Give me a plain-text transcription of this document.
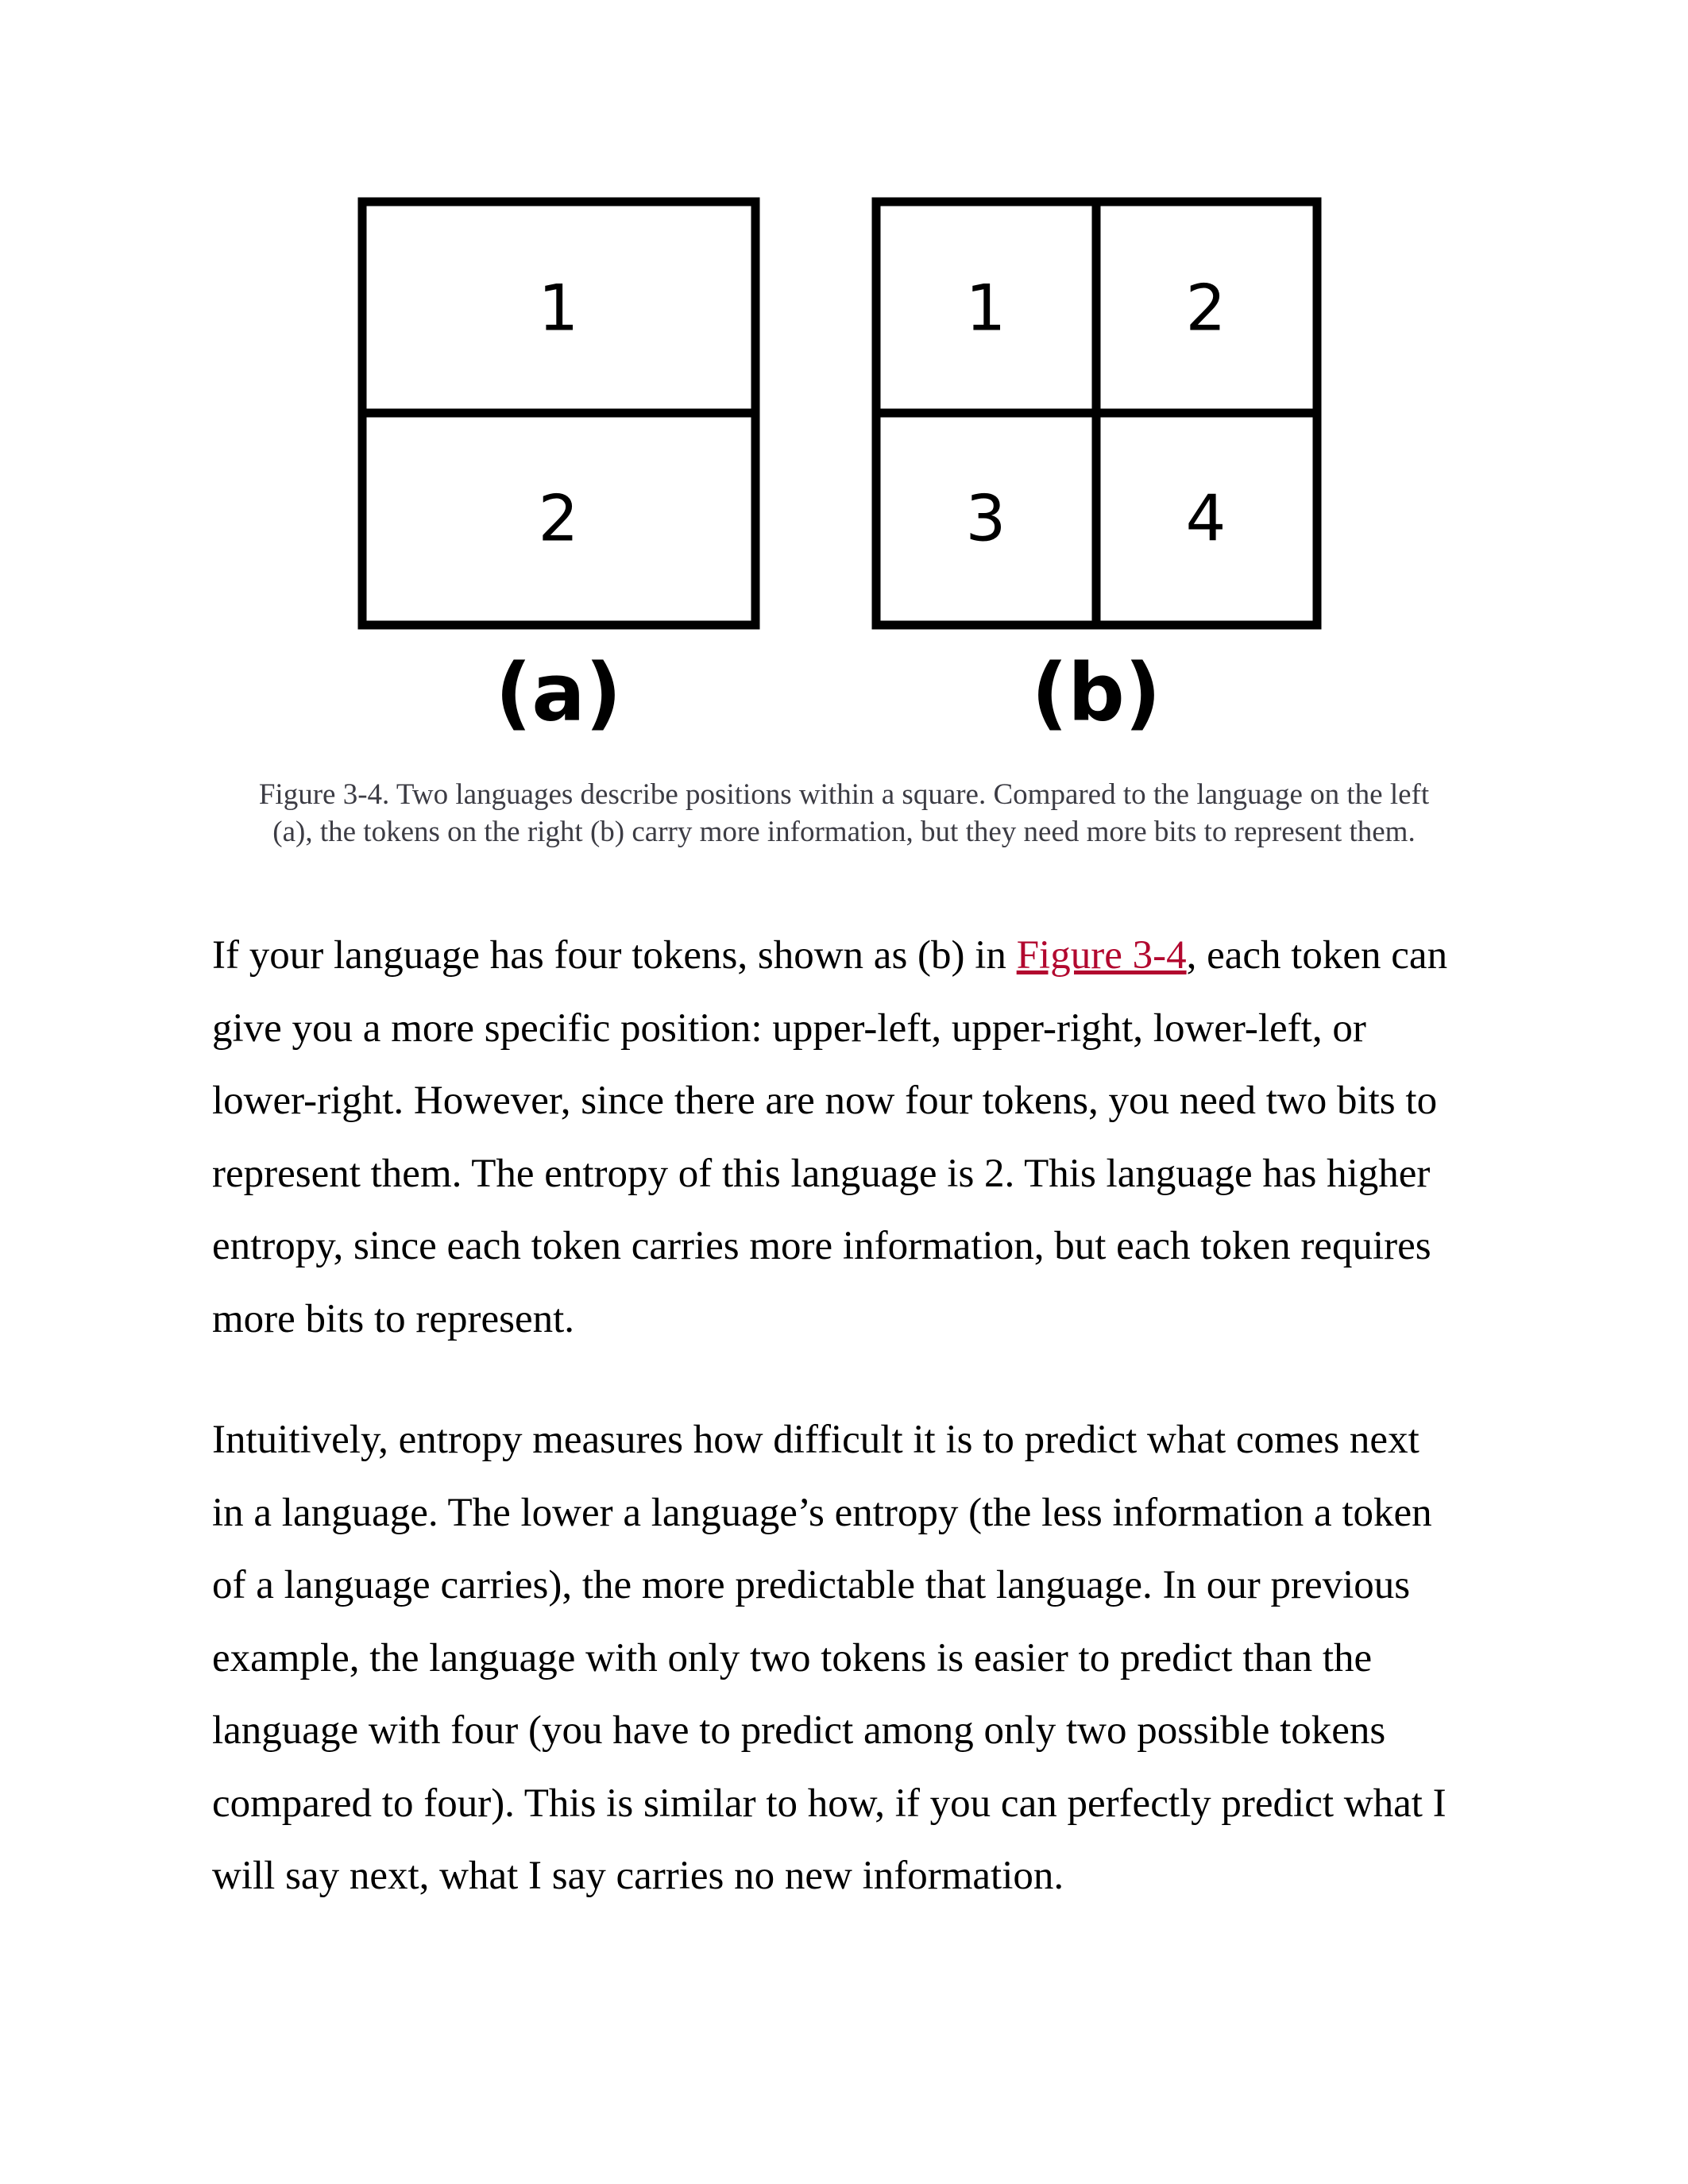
1
2
(a)
1	2
3	4
(b)

Figure 3-4. Two languages describe positions within a square. Compared to the language on the left
(a), the tokens on the right (b) carry more information, but they need more bits to represent them.

If your language has four tokens, shown as (b) in Figure 3-4, each token can
give you a more specific position: upper-left, upper-right, lower-left, or
lower-right. However, since there are now four tokens, you need two bits to
represent them. The entropy of this language is 2. This language has higher
entropy, since each token carries more information, but each token requires
more bits to represent.

Intuitively, entropy measures how difficult it is to predict what comes next
in a language. The lower a language’s entropy (the less information a token
of a language carries), the more predictable that language. In our previous
example, the language with only two tokens is easier to predict than the
language with four (you have to predict among only two possible tokens
compared to four). This is similar to how, if you can perfectly predict what I
will say next, what I say carries no new information.
